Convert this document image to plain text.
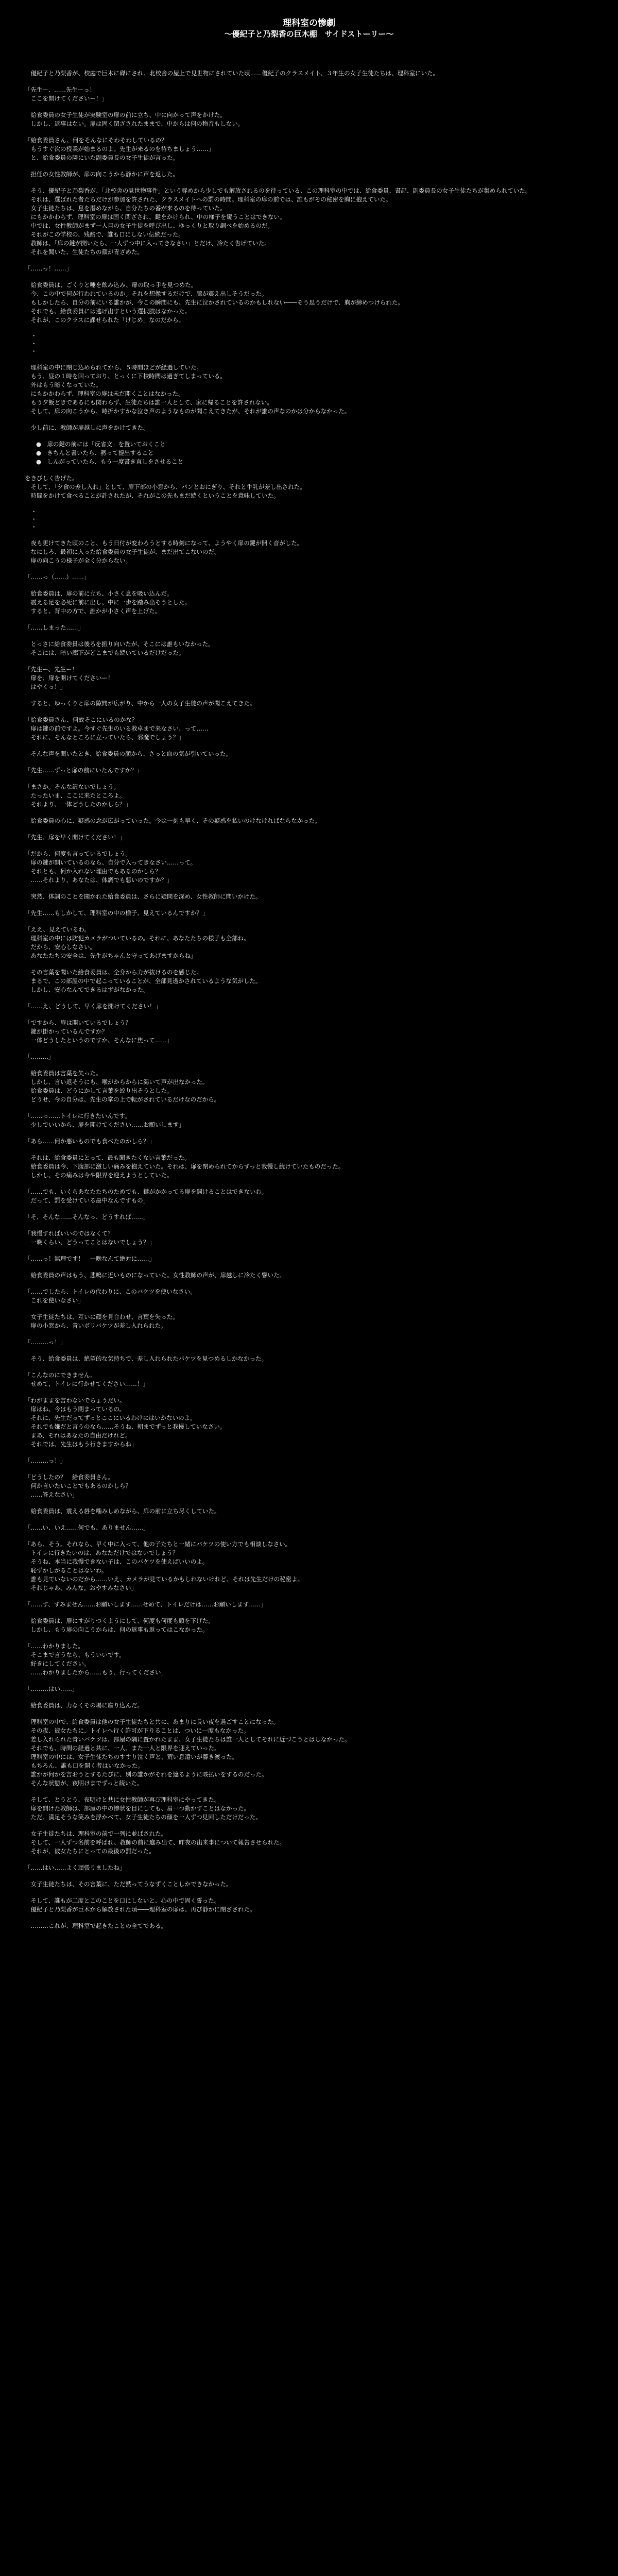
理科室の惨劇
〜優紀子と乃梨香の巨木棚　サイドストーリー〜

　優紀子と乃梨香が、校庭で巨木に磔にされ、北校舎の屋上で見世物にされていた頃……優紀子のクラスメイト、３年生の女子生徒たちは、理科室にいた。

「先生ー、……先生ーっ！
　ここを開けてくださいー！」

　給食委員の女子生徒が実験室の扉の前に立ち、中に向かって声をかけた。
　しかし、返事はない。扉は固く閉ざされたままで、中からは何の物音もしない。

「給食委員さん、何をそんなにそわそわしているの？
　もうすぐ次の授業が始まるのよ。先生が来るのを待ちましょう……」
　と、給食委員の隣にいた副委員長の女子生徒が言った。

　担任の女性教師が、扉の向こうから静かに声を返した。

　そう、優紀子と乃梨香が、「北校舎の見世物事件」という辱めから少しでも解放されるのを待っている、この理科室の中では、給食委員、書記、副委員長の女子生徒たちが集められていた。
　それは、選ばれた者たちだけが参加を許された、クラスメイトへの罰の時間。理科室の扉の前では、誰もがその秘密を胸に抱えていた。
　女子生徒たちは、息を潜めながら、自分たちの番が来るのを待っていた。
　にもかかわらず、理科室の扉は固く閉ざされ、鍵をかけられ、中の様子を窺うことはできない。
　中では、女性教師がまず一人目の女子生徒を呼び出し、ゆっくりと取り調べを始めるのだ。
　それがこの学校の、残酷で、誰も口にしない伝統だった。
　教師は、「扉の鍵が開いたら、一人ずつ中に入ってきなさい」とだけ、冷たく告げていた。
　それを聞いた、生徒たちの顔が青ざめた。

「……っ！……」

　給食委員は、ごくりと唾を飲み込み、扉の取っ手を見つめた。
　今、この中で何が行われているのか。それを想像するだけで、膝が震え出しそうだった。
　もしかしたら、自分の前にいる誰かが、今この瞬間にも、先生に泣かされているのかもしれない――そう思うだけで、胸が締めつけられた。
　それでも、給食委員には逃げ出すという選択肢はなかった。
　それが、このクラスに課せられた「けじめ」なのだから。

・
・
・

　理科室の中に閉じ込められてから、５時間ほどが経過していた。
　もう、昼の１時を回っており、とっくに下校時間は過ぎてしまっている。
　外はもう暗くなっていた。
　にもかかわらず、理科室の扉は未だ開くことはなかった。
　もう夕飯どきであるにも関わらず、生徒たちは誰一人として、家に帰ることを許されない。
　そして、扉の向こうから、時折かすかな泣き声のようなものが聞こえてきたが、それが誰の声なのかは分からなかった。

　少し前に、教師が扉越しに声をかけてきた。

●　扉の鍵の前には「反省文」を置いておくこと
●　きちんと書いたら、黙って提出すること
●　しんがっていたら、もう一度書き直しをさせること

をきびしく告げた。
　そして、「夕食の差し入れ」として、扉下部の小窓から、パンとおにぎり、それと牛乳が差し出された。
　時間をかけて食べることが許されたが、それがこの先もまだ続くということを意味していた。

・
・
・

　夜も更けてきた頃のこと、もう日付が変わろうとする時刻になって、ようやく扉の鍵が開く音がした。
　なにしろ、最初に入った給食委員の女子生徒が、まだ出てこないのだ。
　扉の向こうの様子が全く分からない。

「……っ（……）……」

　給食委員は、扉の前に立ち、小さく息を吸い込んだ。
　震える足を必死に前に出し、中に一歩を踏み出そうとした。
　すると、背中の方で、誰かが小さく声を上げた。

「……しまった……」

　とっさに給食委員は後ろを振り向いたが、そこには誰もいなかった。
　そこには、暗い廊下がどこまでも続いているだけだった。

「先生ー、先生ー！
　扉を、扉を開けてくださいー！
　はやくっ！」

　すると、ゆっくりと扉の隙間が広がり、中から一人の女子生徒の声が聞こえてきた。

「給食委員さん、何故そこにいるのかな？
　扉は鍵の前ですよ。今すぐ先生のいる教卓まで来なさい、って……
　それに、そんなところに立っていたら、邪魔でしょう？」

　そんな声を聞いたとき、給食委員の顔から、さっと血の気が引いていった。

「先生……ずっと扉の前にいたんですか？」

「まさか。そんな訳ないでしょう。
　たったいま、ここに来たところよ。
　それより、一体どうしたのかしら？」

　給食委員の心に、疑惑の念が広がっていった。今は一刻も早く、その疑惑を払いのけなければならなかった。

「先生、扉を早く開けてください！」

「だから、何度も言っているでしょう。
　扉の鍵が開いているのなら、自分で入ってきなさい……って。
　それとも、何か入れない理由でもあるのかしら？
　……それより、あなたは、体調でも悪いのですか？」

　突然、体調のことを聞かれた給食委員は、さらに疑問を深め、女性教師に問いかけた。

「先生……もしかして、理科室の中の様子、見えているんですか？」

「ええ、見えているわ。
　理科室の中には防犯カメラがついているの。それに、あなたたちの様子も全部ね。
　だから、安心しなさい。
　あなたたちの安全は、先生がちゃんと守ってあげますからね」

　その言葉を聞いた給食委員は、全身から力が抜けるのを感じた。
　まるで、この部屋の中で起こっていることが、全部見透かされているような気がした。
　しかし、安心なんてできるはずがなかった。

「……え、どうして、早く扉を開けてください！」

「ですから、扉は開いているでしょう？
　鍵が掛かっているんですか？
　一体どうしたというのですか、そんなに焦って……」

「………」

　給食委員は言葉を失った。
　しかし、言い返そうにも、喉がからからに渇いて声が出なかった。
　給食委員は、どうにかして言葉を絞り出そうとした。
　どうせ、今の自分は、先生の掌の上で転がされているだけなのだから。

「……っ……トイレに行きたいんです。
　少しでいいから、扉を開けてください……お願いします」

「あら……何か悪いものでも食べたのかしら？」

　それは、給食委員にとって、最も聞きたくない言葉だった。
　給食委員は今、下腹部に激しい痛みを抱えていた。それは、扉を閉められてからずっと我慢し続けていたものだった。
　しかし、その痛みは今や限界を迎えようとしていた。

「……でも、いくらあなたたちのためでも、鍵がかかってる扉を開けることはできないわ。
　だって、罰を受けている最中なんですもの」

「そ、そんな……そんなっ、どうすれば……」

「我慢すればいいのではなくて？
　一晩くらい、どうってことはないでしょう？」

「……っ！無理です！　一晩なんて絶対に……」

　給食委員の声はもう、悲鳴に近いものになっていた。女性教師の声が、扉越しに冷たく響いた。

「……でしたら、トイレの代わりに、このバケツを使いなさい。
　これを使いなさい」

　女子生徒たちは、互いに顔を見合わせ、言葉を失った。
　扉の小窓から、青いポリバケツが差し入れられた。

「………っ！」

　そう、給食委員は、絶望的な気持ちで、差し入れられたバケツを見つめるしかなかった。

「こんなのにできません。
　せめて、トイレに行かせてください……！」

「わがままを言わないでちょうだい。
　扉はね、今はもう閉まっているの。
　それに、先生だってずっとここにいるわけにはいかないのよ。
　それでも嫌だと言うのなら……そうね、朝までずっと我慢していなさい。
　まあ、それはあなたの自由だけれど。
　それでは、先生はもう行きますからね」

「………っ！」

「どうしたの？　給食委員さん。
　何か言いたいことでもあるのかしら？
　……答えなさい」

　給食委員は、震える唇を噛みしめながら、扉の前に立ち尽くしていた。

「……い、いえ……何でも、ありません……」

「あら、そう。それなら、早く中に入って、他の子たちと一緒にバケツの使い方でも相談しなさい。
　トイレに行きたいのは、あなただけではないでしょう？
　そうね、本当に我慢できない子は、このバケツを使えばいいのよ。
　恥ずかしがることはないわ。
　誰も見ていないのだから……いえ、カメラが見ているかもしれないけれど、それは先生だけの秘密よ。
　それじゃあ、みんな。おやすみなさい」

「……す、すみません……お願いします……せめて、トイレだけは……お願いします……」

　給食委員は、扉にすがりつくようにして、何度も何度も頭を下げた。
　しかし、もう扉の向こうからは、何の返事も返ってはこなかった。

「……わかりました。
　そこまで言うなら、もういいです。
　好きにしてください。
　……わかりましたから……もう、行ってください」

「………はい……」

　給食委員は、力なくその場に座り込んだ。

　理科室の中で、給食委員は他の女子生徒たちと共に、あまりに長い夜を過ごすことになった。
　その夜、彼女たちに、トイレへ行く許可が下りることは、ついに一度もなかった。
　差し入れられた青いバケツは、部屋の隅に置かれたまま、女子生徒たちは誰一人としてそれに近づこうとはしなかった。
　それでも、時間の経過と共に、一人、また一人と限界を迎えていった。
　理科室の中には、女子生徒たちのすすり泣く声と、荒い息遣いが響き渡った。
　もちろん、誰も口を開く者はいなかった。
　誰かが何かを言おうとするたびに、別の誰かがそれを遮るように咳払いをするのだった。
　そんな状態が、夜明けまでずっと続いた。

　そして、とうとう、夜明けと共に女性教師が再び理科室にやってきた。
　扉を開けた教師は、部屋の中の惨状を目にしても、眉一つ動かすことはなかった。
　ただ、満足そうな笑みを浮かべて、女子生徒たちの顔を一人ずつ見回しただけだった。

　女子生徒たちは、理科室の前で一列に並ばされた。
　そして、一人ずつ名前を呼ばれ、教師の前に進み出て、昨夜の出来事について報告させられた。
　それが、彼女たちにとっての最後の罰だった。

「……はい……よく頑張りましたね」

　女子生徒たちは、その言葉に、ただ黙ってうなずくことしかできなかった。

　そして、誰もが二度とこのことを口にしないと、心の中で固く誓った。
　優紀子と乃梨香が巨木から解放された頃――理科室の扉は、再び静かに閉ざされた。

　………これが、理科室で起きたことの全てである。
